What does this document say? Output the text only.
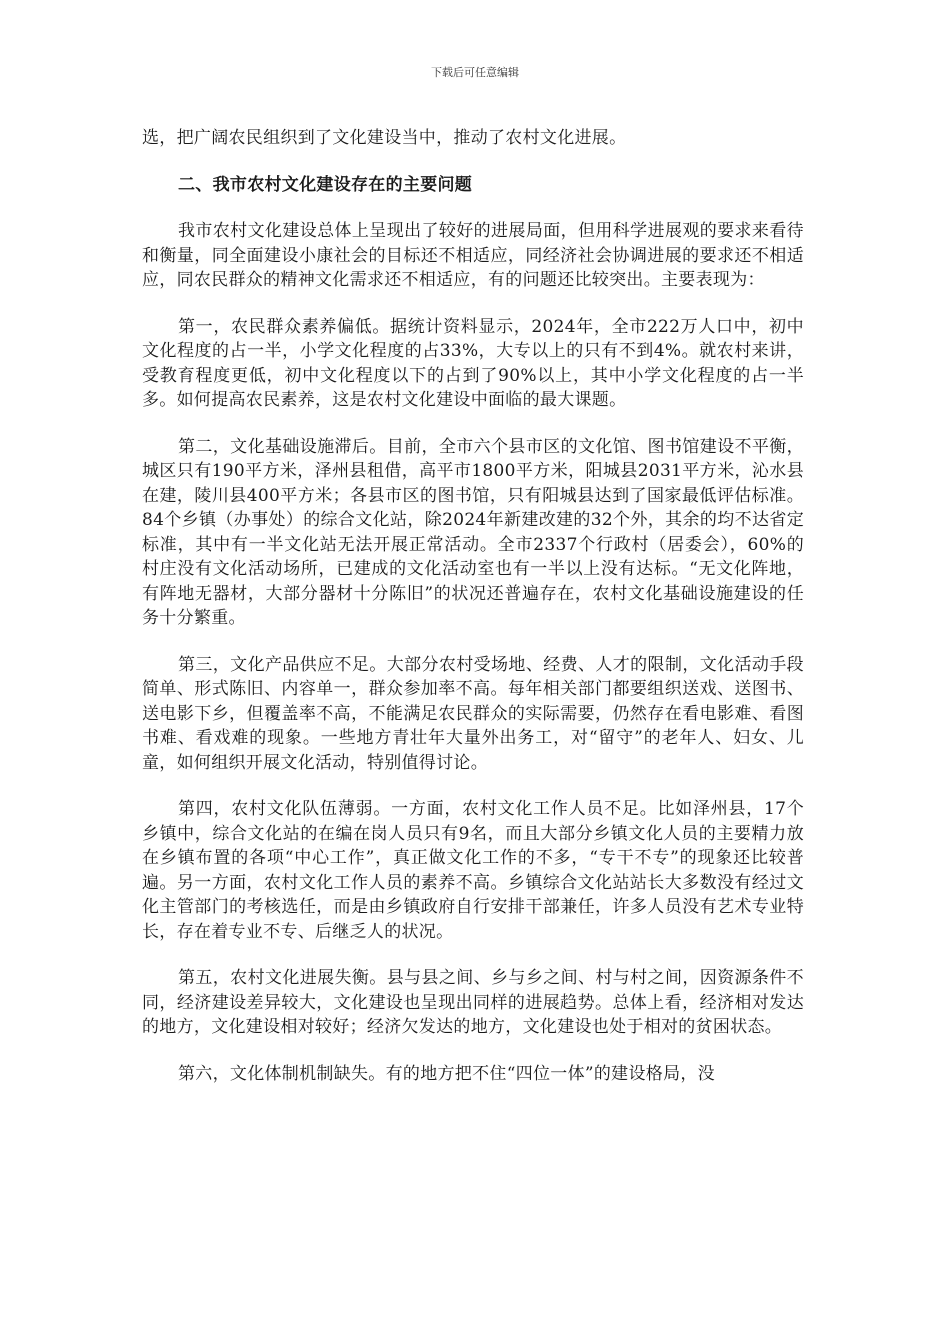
下载后可任意编辑

选，把广阔农民组织到了文化建设当中，推动了农村文化进展。

二、我市农村文化建设存在的主要问题

我市农村文化建设总体上呈现出了较好的进展局面，但用科学进展观的要求来看待和衡量，同全面建设小康社会的目标还不相适应，同经济社会协调进展的要求还不相适应，同农民群众的精神文化需求还不相适应，有的问题还比较突出。主要表现为：

第一，农民群众素养偏低。据统计资料显示，2024年，全市222万人口中，初中文化程度的占一半，小学文化程度的占33%，大专以上的只有不到4%。就农村来讲，受教育程度更低，初中文化程度以下的占到了90%以上，其中小学文化程度的占一半多。如何提高农民素养，这是农村文化建设中面临的最大课题。

第二，文化基础设施滞后。目前，全市六个县市区的文化馆、图书馆建设不平衡，城区只有190平方米，泽州县租借，高平市1800平方米，阳城县2031平方米，沁水县在建，陵川县400平方米；各县市区的图书馆，只有阳城县达到了国家最低评估标准。84个乡镇（办事处）的综合文化站，除2024年新建改建的32个外，其余的均不达省定标准，其中有一半文化站无法开展正常活动。全市2337个行政村（居委会），60%的村庄没有文化活动场所，已建成的文化活动室也有一半以上没有达标。“无文化阵地，有阵地无器材，大部分器材十分陈旧”的状况还普遍存在，农村文化基础设施建设的任务十分繁重。

第三，文化产品供应不足。大部分农村受场地、经费、人才的限制，文化活动手段简单、形式陈旧、内容单一，群众参加率不高。每年相关部门都要组织送戏、送图书、送电影下乡，但覆盖率不高，不能满足农民群众的实际需要，仍然存在看电影难、看图书难、看戏难的现象。一些地方青壮年大量外出务工，对“留守”的老年人、妇女、儿童，如何组织开展文化活动，特别值得讨论。

第四，农村文化队伍薄弱。一方面，农村文化工作人员不足。比如泽州县，17个乡镇中，综合文化站的在编在岗人员只有9名，而且大部分乡镇文化人员的主要精力放在乡镇布置的各项“中心工作”，真正做文化工作的不多，“专干不专”的现象还比较普遍。另一方面，农村文化工作人员的素养不高。乡镇综合文化站站长大多数没有经过文化主管部门的考核选任，而是由乡镇政府自行安排干部兼任，许多人员没有艺术专业特长，存在着专业不专、后继乏人的状况。

第五，农村文化进展失衡。县与县之间、乡与乡之间、村与村之间，因资源条件不同，经济建设差异较大，文化建设也呈现出同样的进展趋势。总体上看，经济相对发达的地方，文化建设相对较好；经济欠发达的地方，文化建设也处于相对的贫困状态。

第六，文化体制机制缺失。有的地方把不住“四位一体”的建设格局，没
